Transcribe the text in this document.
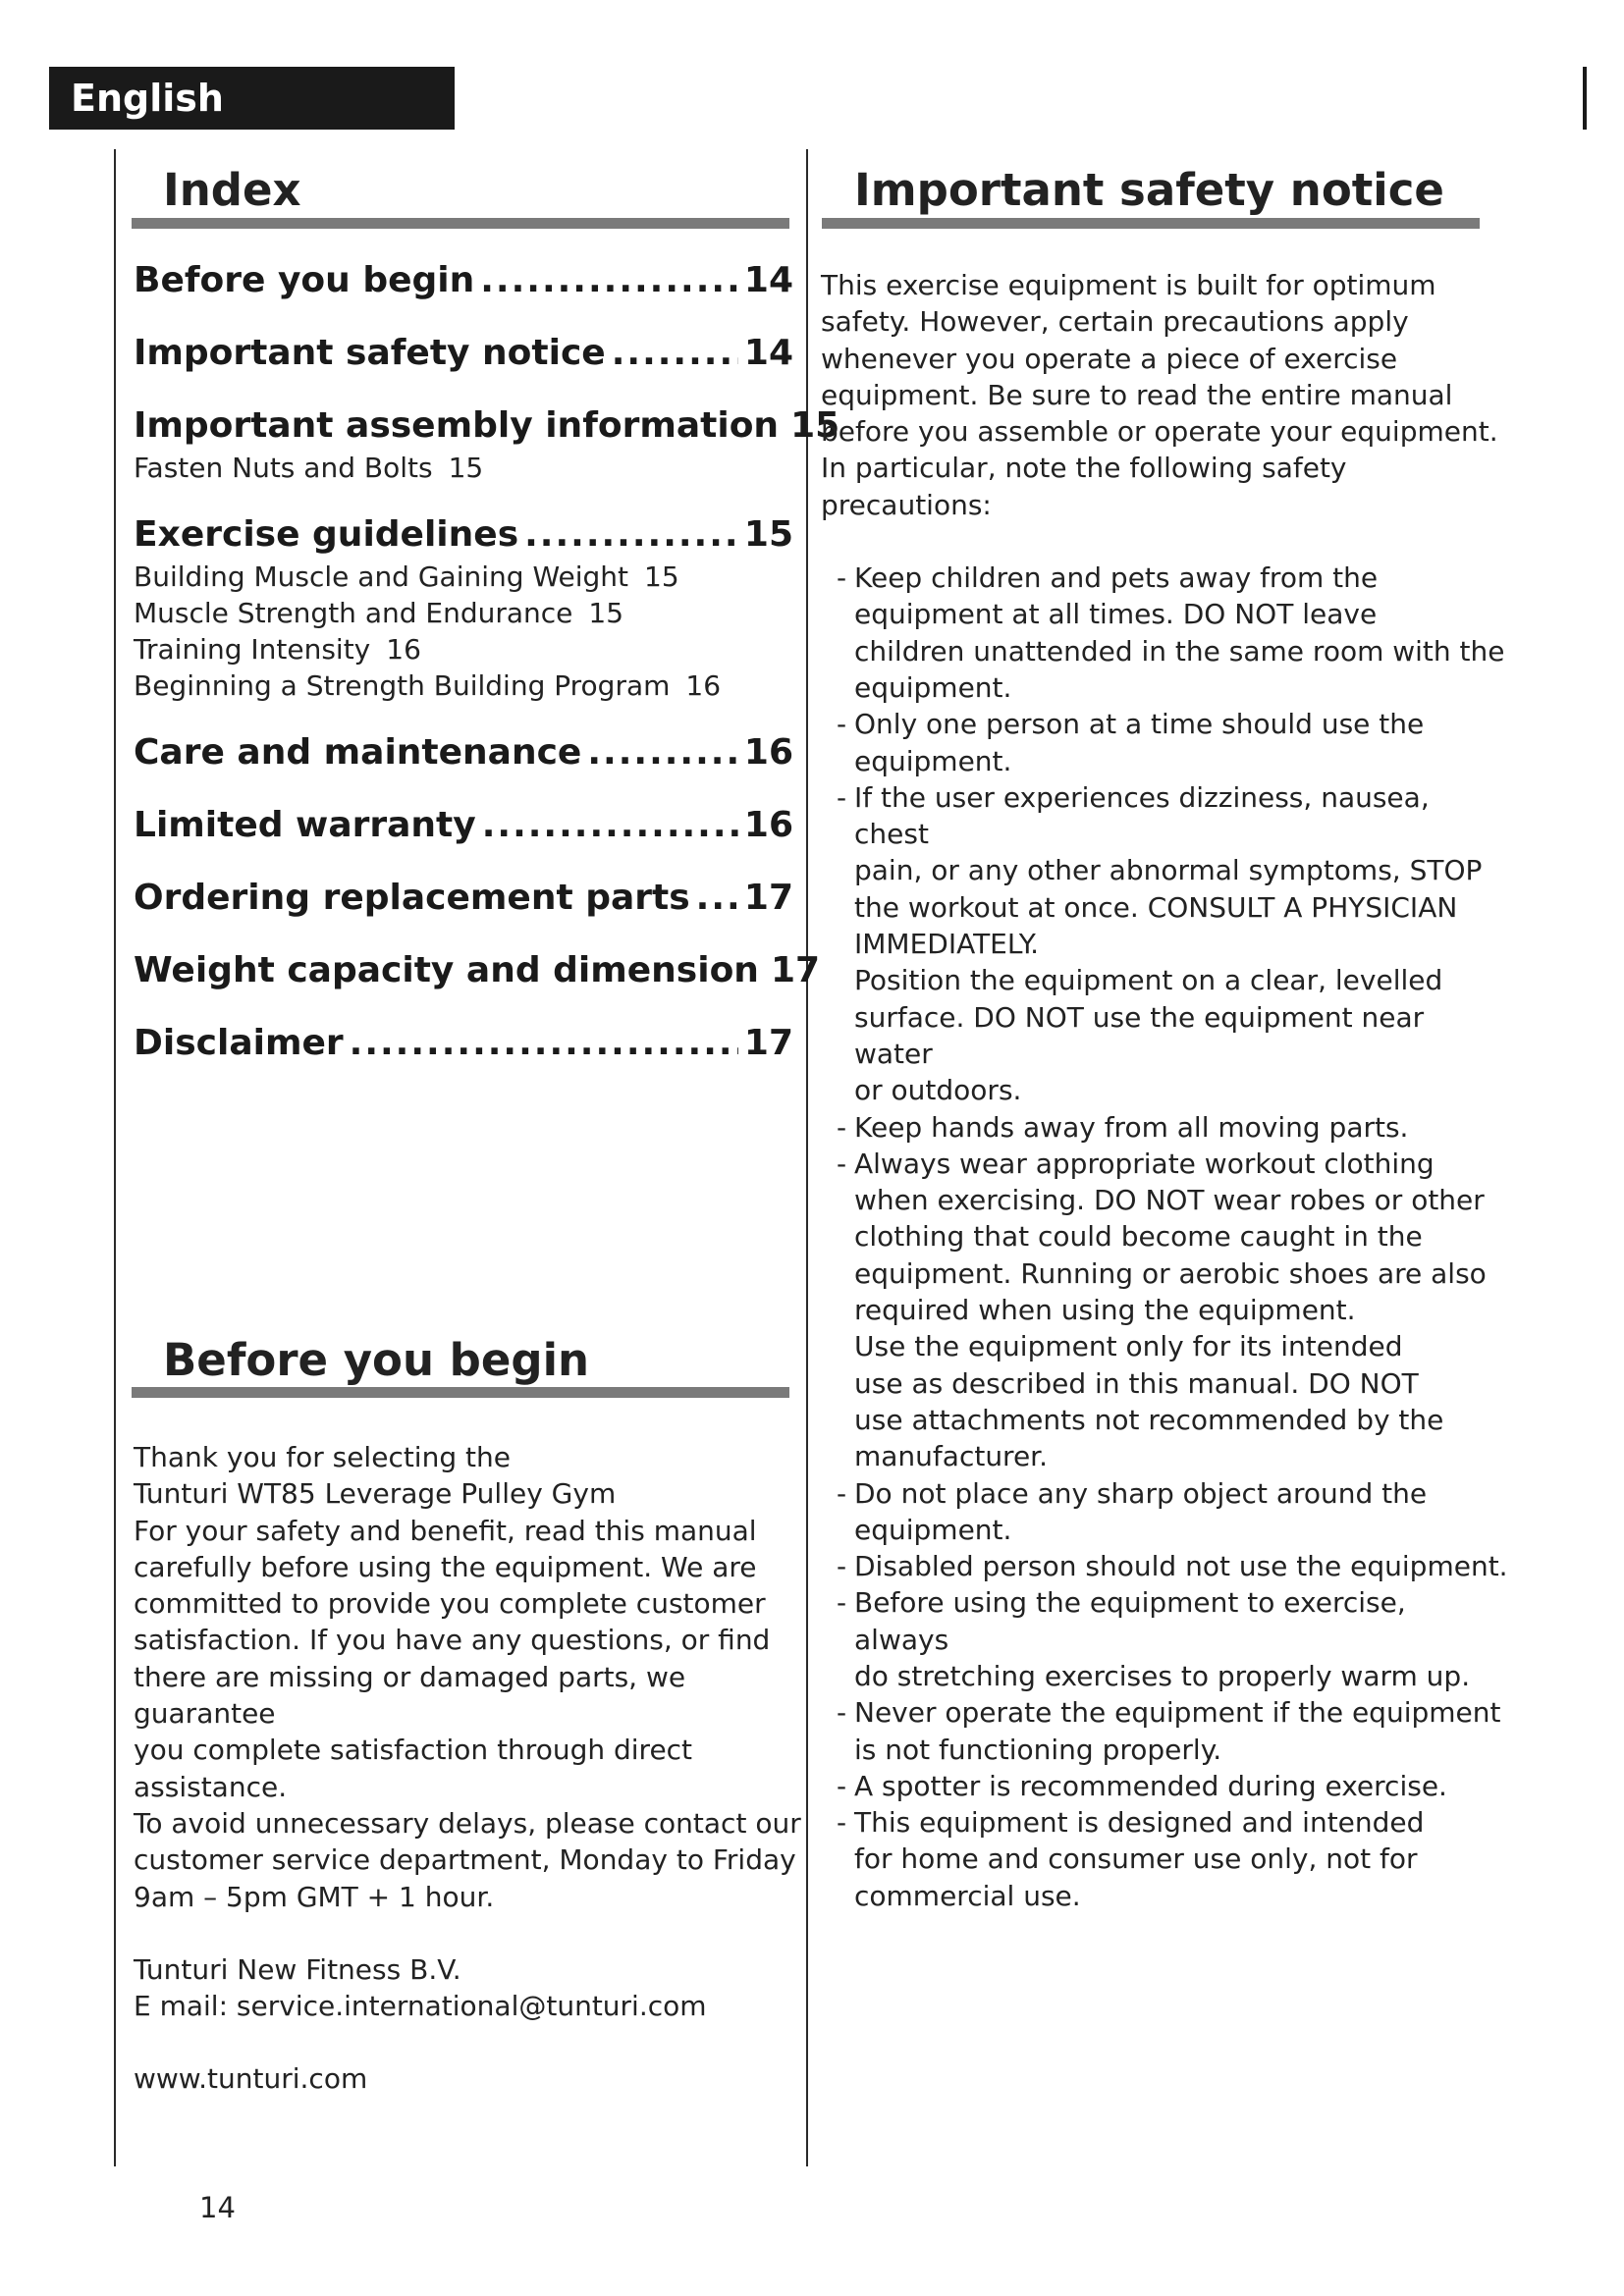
English
Index
Before you begin .....	14
Important safety notice .....	14
Important assembly information 15
Fasten Nuts and Bolts 15
Exercise guidelines .....	15
Building Muscle and Gaining Weight 15
Muscle Strength and Endurance 15
Training Intensity 16
Beginning a Strength Building Program 16
Care and maintenance .....	16
Limited warranty .....	16
Ordering replacement parts ..... 17
Weight capacity and dimension 17
Disclaimer .....	17
Before you begin

Thank you for selecting the

Tunturi WT85 Leverage Pulley Gym

For your safety and benefit, read this manual

carefully before using the equipment. We are

committed to provide you complete customer

satisfaction. If you have any questions, or find

there are missing or damaged parts, we guarantee

you complete satisfaction through direct

assistance.

To avoid unnecessary delays, please contact our

customer service department, Monday to Friday

9am – 5pm GMT + 1 hour.

Tunturi New Fitness B.V.

E mail: service.international@tunturi.com

www.tunturi.com

Important safety notice

This exercise equipment is built for optimum

safety. However, certain precautions apply

whenever you operate a piece of exercise

equipment. Be sure to read the entire manual

before you assemble or operate your equipment.

In particular, note the following safety precautions:

- Keep children and pets away from the
equipment at all times. DO NOT leave
children unattended in the same room with the
equipment.
- Only one person at a time should use the
equipment.
- If the user experiences dizziness, nausea, chest
pain, or any other abnormal symptoms, STOP
the workout at once. CONSULT A PHYSICIAN
IMMEDIATELY.
Position the equipment on a clear, levelled
surface. DO NOT use the equipment near water
or outdoors.
- Keep hands away from all moving parts.
- Always wear appropriate workout clothing
when exercising. DO NOT wear robes or other
clothing that could become caught in the
equipment. Running or aerobic shoes are also
required when using the equipment.
Use the equipment only for its intended
use as described in this manual. DO NOT
use attachments not recommended by the
manufacturer.
- Do not place any sharp object around the
equipment.
- Disabled person should not use the equipment.
- Before using the equipment to exercise, always
do stretching exercises to properly warm up.
- Never operate the equipment if the equipment
is not functioning properly.
- A spotter is recommended during exercise.
- This equipment is designed and intended
for home and consumer use only, not for
commercial use.
14
